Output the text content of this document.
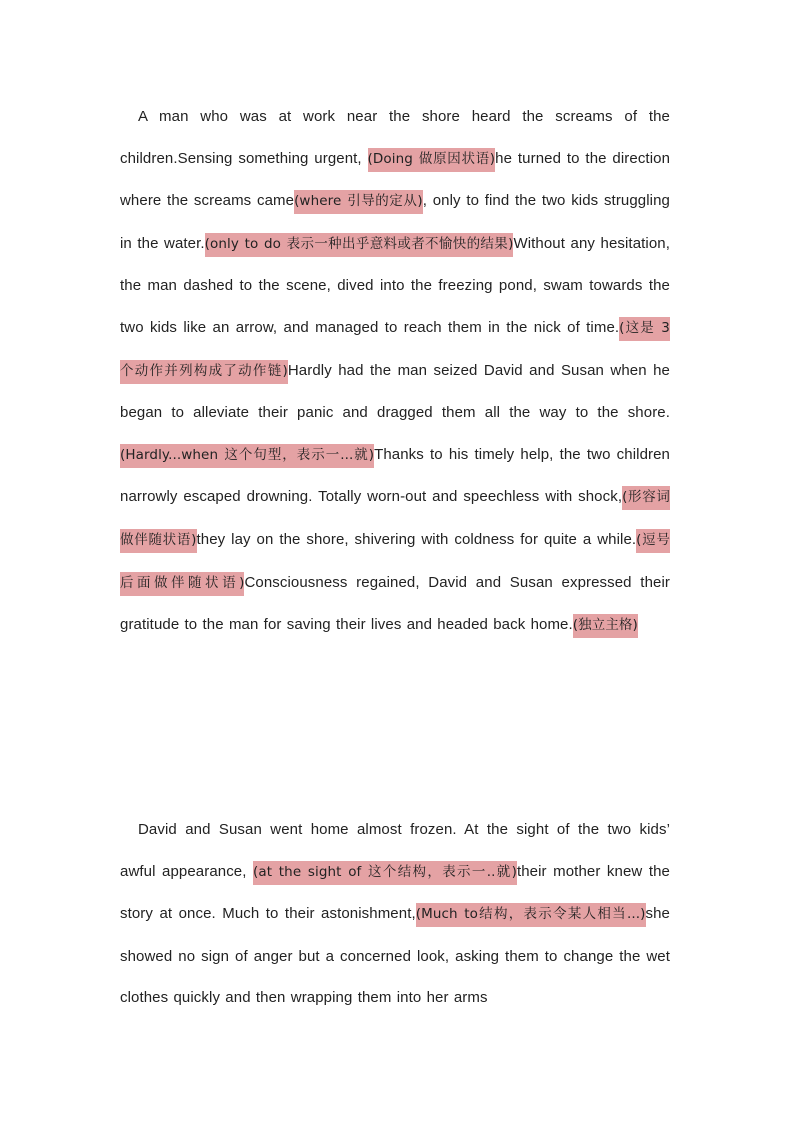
A man who was at work near the shore heard the screams of the children.Sensing something urgent, (Doing 做原因状语)he turned to the direction where the screams came(where 引导的定从), only to find the two kids struggling in the water.(only to do 表示一种出乎意料或者不愉快的结果)Without any hesitation, the man dashed to the scene, dived into the freezing pond, swam towards the two kids like an arrow, and managed to reach them in the nick of time.(这是 3 个动作并列构成了动作链)Hardly had the man seized David and Susan when he began to alleviate their panic and dragged them all the way to the shore. (Hardly...when 这个句型，表示一...就)Thanks to his timely help, the two children narrowly escaped drowning. Totally worn-out and speechless with shock,(形容词做伴随状语)they lay on the shore, shivering with coldness for quite a while.(逗号后面做伴随状语)Consciousness regained, David and Susan expressed their gratitude to the man for saving their lives and headed back home.(独立主格)
David and Susan went home almost frozen. At the sight of the two kids’ awful appearance, (at the sight of 这个结构，表示一..就)their mother knew the story at once. Much to their astonishment,(Much to结构，表示令某人相当...)she showed no sign of anger but a concerned look, asking them to change the wet clothes quickly and then wrapping them into her arms
